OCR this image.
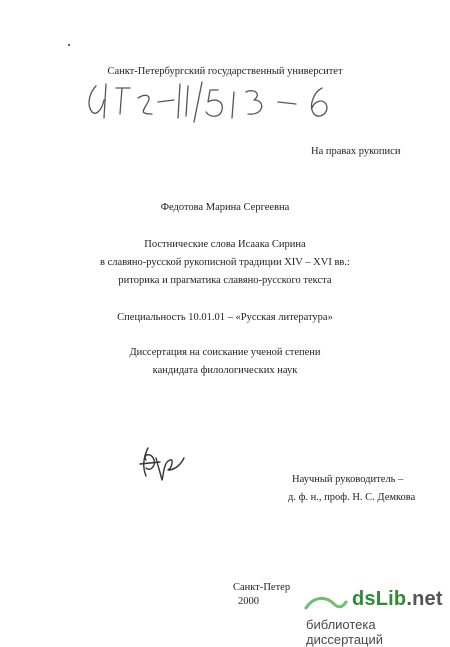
Санкт-Петербургский государственный университет
На правах рукописи
Федотова Марина Сергеевна
Постнические слова Исаака Сирина
в славяно-русской рукописной традиции XIV – XVI вв.:
риторика и прагматика славяно-русского текста
Специальность 10.01.01 – «Русская литература»
Диссертация на соискание ученой степени
кандидата филологических наук
Научный руководитель –
д. ф. н., проф. Н. С. Демкова
Санкт-Петер
2000	dsLib.net
библиотека диссертаций
